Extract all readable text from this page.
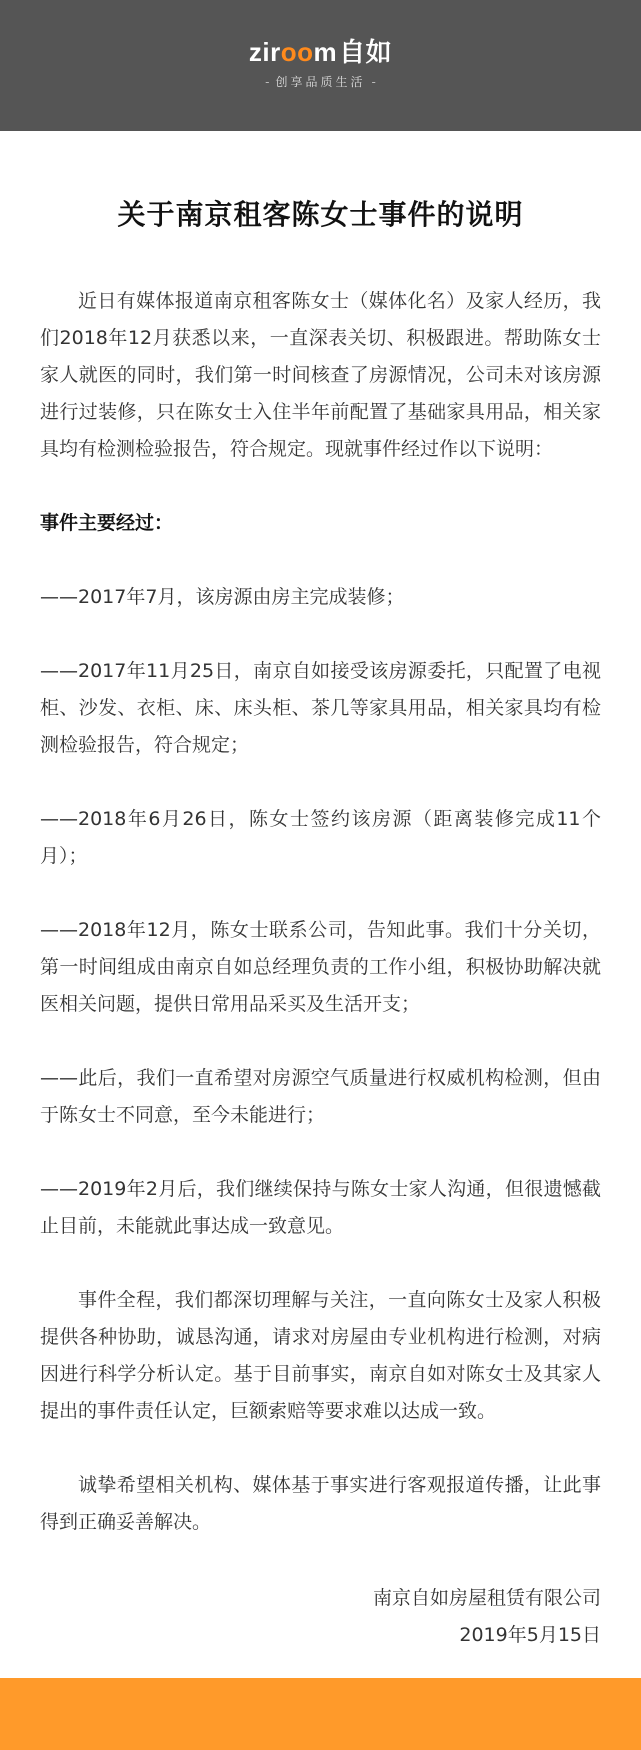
ziroom自如
- 创享品质生活 -
关于南京租客陈女士事件的说明

近日有媒体报道南京租客陈女士（媒体化名）及家人经历，我们2018年12月获悉以来，一直深表关切、积极跟进。帮助陈女士家人就医的同时，我们第一时间核查了房源情况，公司未对该房源进行过装修，只在陈女士入住半年前配置了基础家具用品，相关家具均有检测检验报告，符合规定。现就事件经过作以下说明：

事件主要经过：

——2017年7月，该房源由房主完成装修；

——2017年11月25日，南京自如接受该房源委托，只配置了电视柜、沙发、衣柜、床、床头柜、茶几等家具用品，相关家具均有检测检验报告，符合规定；

——2018年6月26日，陈女士签约该房源（距离装修完成11个月）；

——2018年12月，陈女士联系公司，告知此事。我们十分关切，第一时间组成由南京自如总经理负责的工作小组，积极协助解决就医相关问题，提供日常用品采买及生活开支；

——此后，我们一直希望对房源空气质量进行权威机构检测，但由于陈女士不同意，至今未能进行；

——2019年2月后，我们继续保持与陈女士家人沟通，但很遗憾截止目前，未能就此事达成一致意见。

事件全程，我们都深切理解与关注，一直向陈女士及家人积极提供各种协助，诚恳沟通，请求对房屋由专业机构进行检测，对病因进行科学分析认定。基于目前事实，南京自如对陈女士及其家人提出的事件责任认定，巨额索赔等要求难以达成一致。

诚挚希望相关机构、媒体基于事实进行客观报道传播，让此事得到正确妥善解决。

南京自如房屋租赁有限公司
2019年5月15日
